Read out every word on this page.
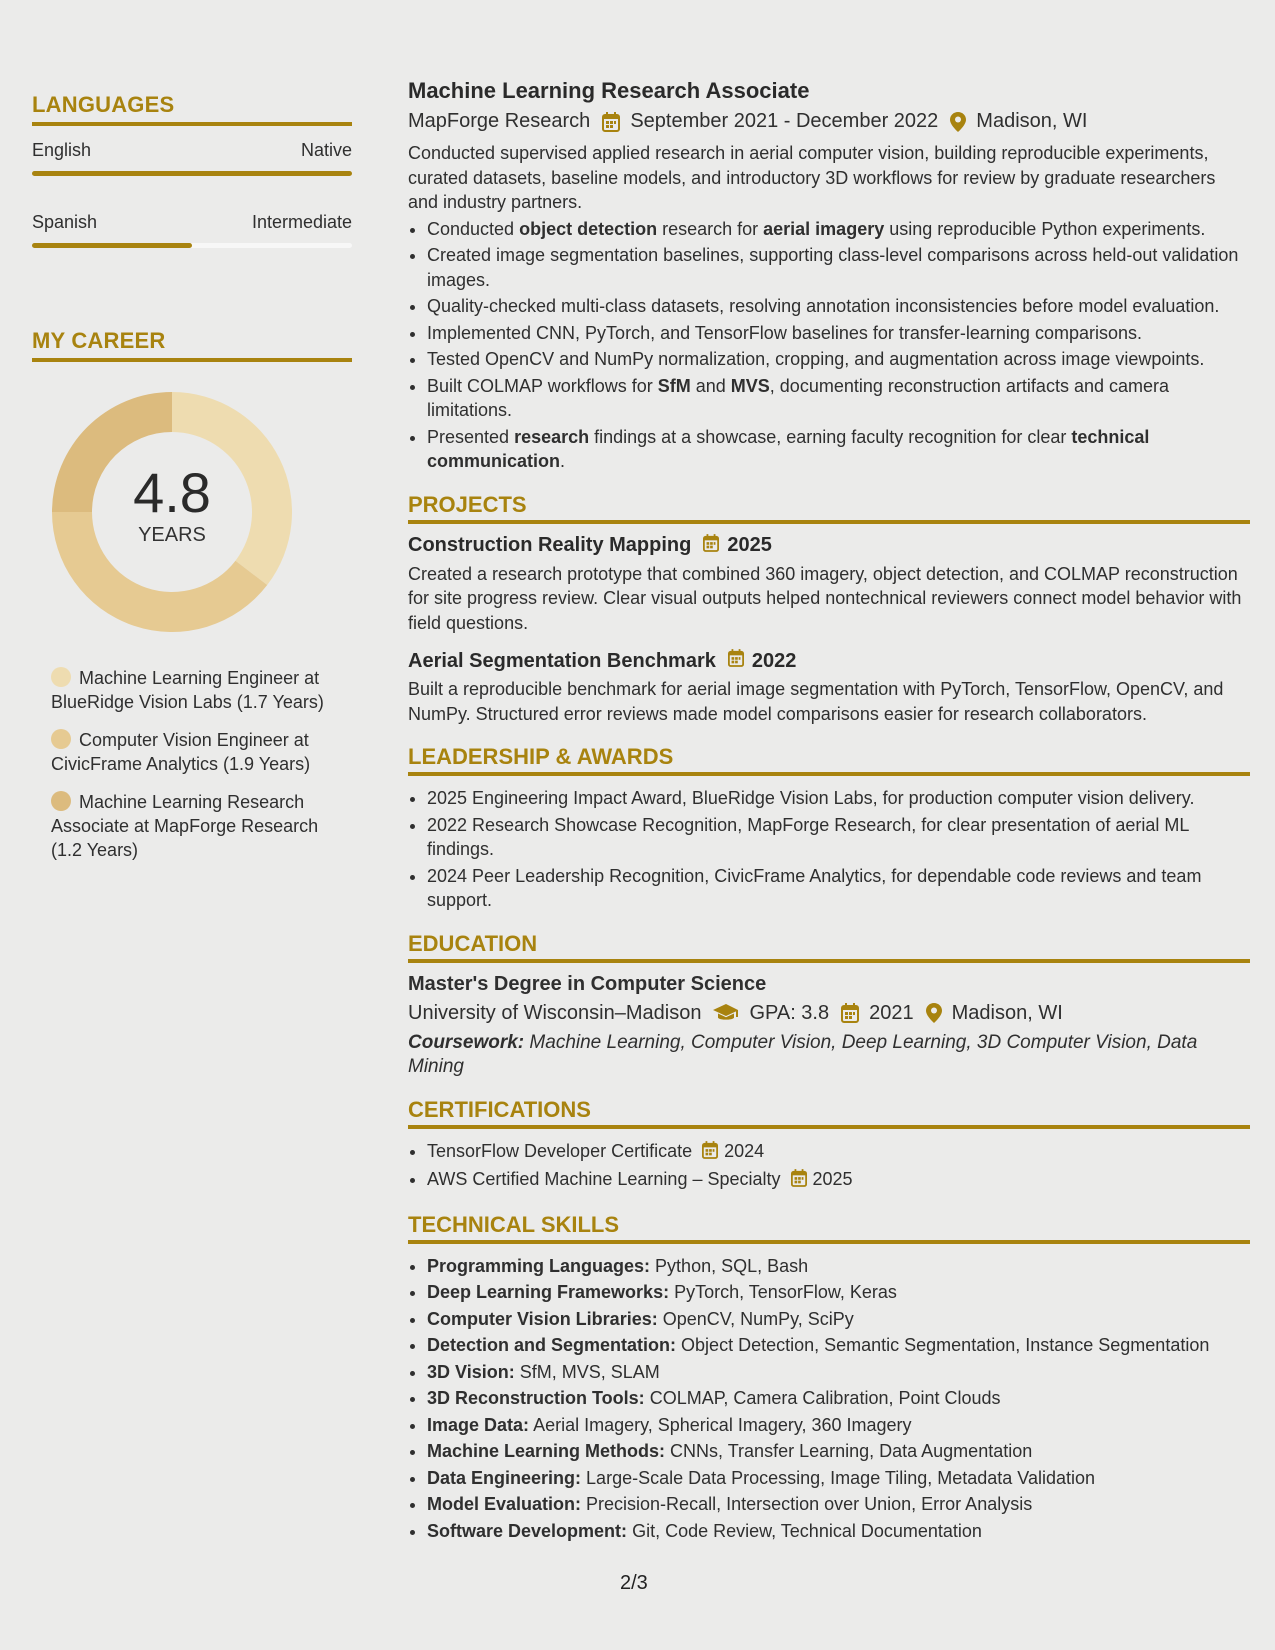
LANGUAGES
English	Native
Spanish	Intermediate
MY CAREER
4.8
YEARS
Machine Learning Engineer at BlueRidge Vision Labs (1.7 Years)
Computer Vision Engineer at CivicFrame Analytics (1.9 Years)
Machine Learning Research Associate at MapForge Research (1.2 Years)
Machine Learning Research Associate
MapForge Research September 2021 - December 2022 Madison, WI

Conducted supervised applied research in aerial computer vision, building reproducible experiments, curated datasets, baseline models, and introductory 3D workflows for review by graduate researchers and industry partners.

• Conducted object detection research for aerial imagery using reproducible Python experiments.
• Created image segmentation baselines, supporting class-level comparisons across held-out validation images.
• Quality-checked multi-class datasets, resolving annotation inconsistencies before model evaluation.
• Implemented CNN, PyTorch, and TensorFlow baselines for transfer-learning comparisons.
• Tested OpenCV and NumPy normalization, cropping, and augmentation across image viewpoints.
• Built COLMAP workflows for SfM and MVS, documenting reconstruction artifacts and camera limitations.
• Presented research findings at a showcase, earning faculty recognition for clear technical communication.
PROJECTS
Construction Reality Mapping 2025

Created a research prototype that combined 360 imagery, object detection, and COLMAP reconstruction for site progress review. Clear visual outputs helped nontechnical reviewers connect model behavior with field questions.

Aerial Segmentation Benchmark 2022

Built a reproducible benchmark for aerial image segmentation with PyTorch, TensorFlow, OpenCV, and NumPy. Structured error reviews made model comparisons easier for research collaborators.

LEADERSHIP & AWARDS
• 2025 Engineering Impact Award, BlueRidge Vision Labs, for production computer vision delivery.
• 2022 Research Showcase Recognition, MapForge Research, for clear presentation of aerial ML findings.
• 2024 Peer Leadership Recognition, CivicFrame Analytics, for dependable code reviews and team support.
EDUCATION
Master's Degree in Computer Science
University of Wisconsin–Madison GPA: 3.8 2021 Madison, WI
Coursework: Machine Learning, Computer Vision, Deep Learning, 3D Computer Vision, Data Mining
CERTIFICATIONS
• TensorFlow Developer Certificate 2024
• AWS Certified Machine Learning – Specialty 2025
TECHNICAL SKILLS
• Programming Languages: Python, SQL, Bash
• Deep Learning Frameworks: PyTorch, TensorFlow, Keras
• Computer Vision Libraries: OpenCV, NumPy, SciPy
• Detection and Segmentation: Object Detection, Semantic Segmentation, Instance Segmentation
• 3D Vision: SfM, MVS, SLAM
• 3D Reconstruction Tools: COLMAP, Camera Calibration, Point Clouds
• Image Data: Aerial Imagery, Spherical Imagery, 360 Imagery
• Machine Learning Methods: CNNs, Transfer Learning, Data Augmentation
• Data Engineering: Large-Scale Data Processing, Image Tiling, Metadata Validation
• Model Evaluation: Precision-Recall, Intersection over Union, Error Analysis
• Software Development: Git, Code Review, Technical Documentation
2/3
